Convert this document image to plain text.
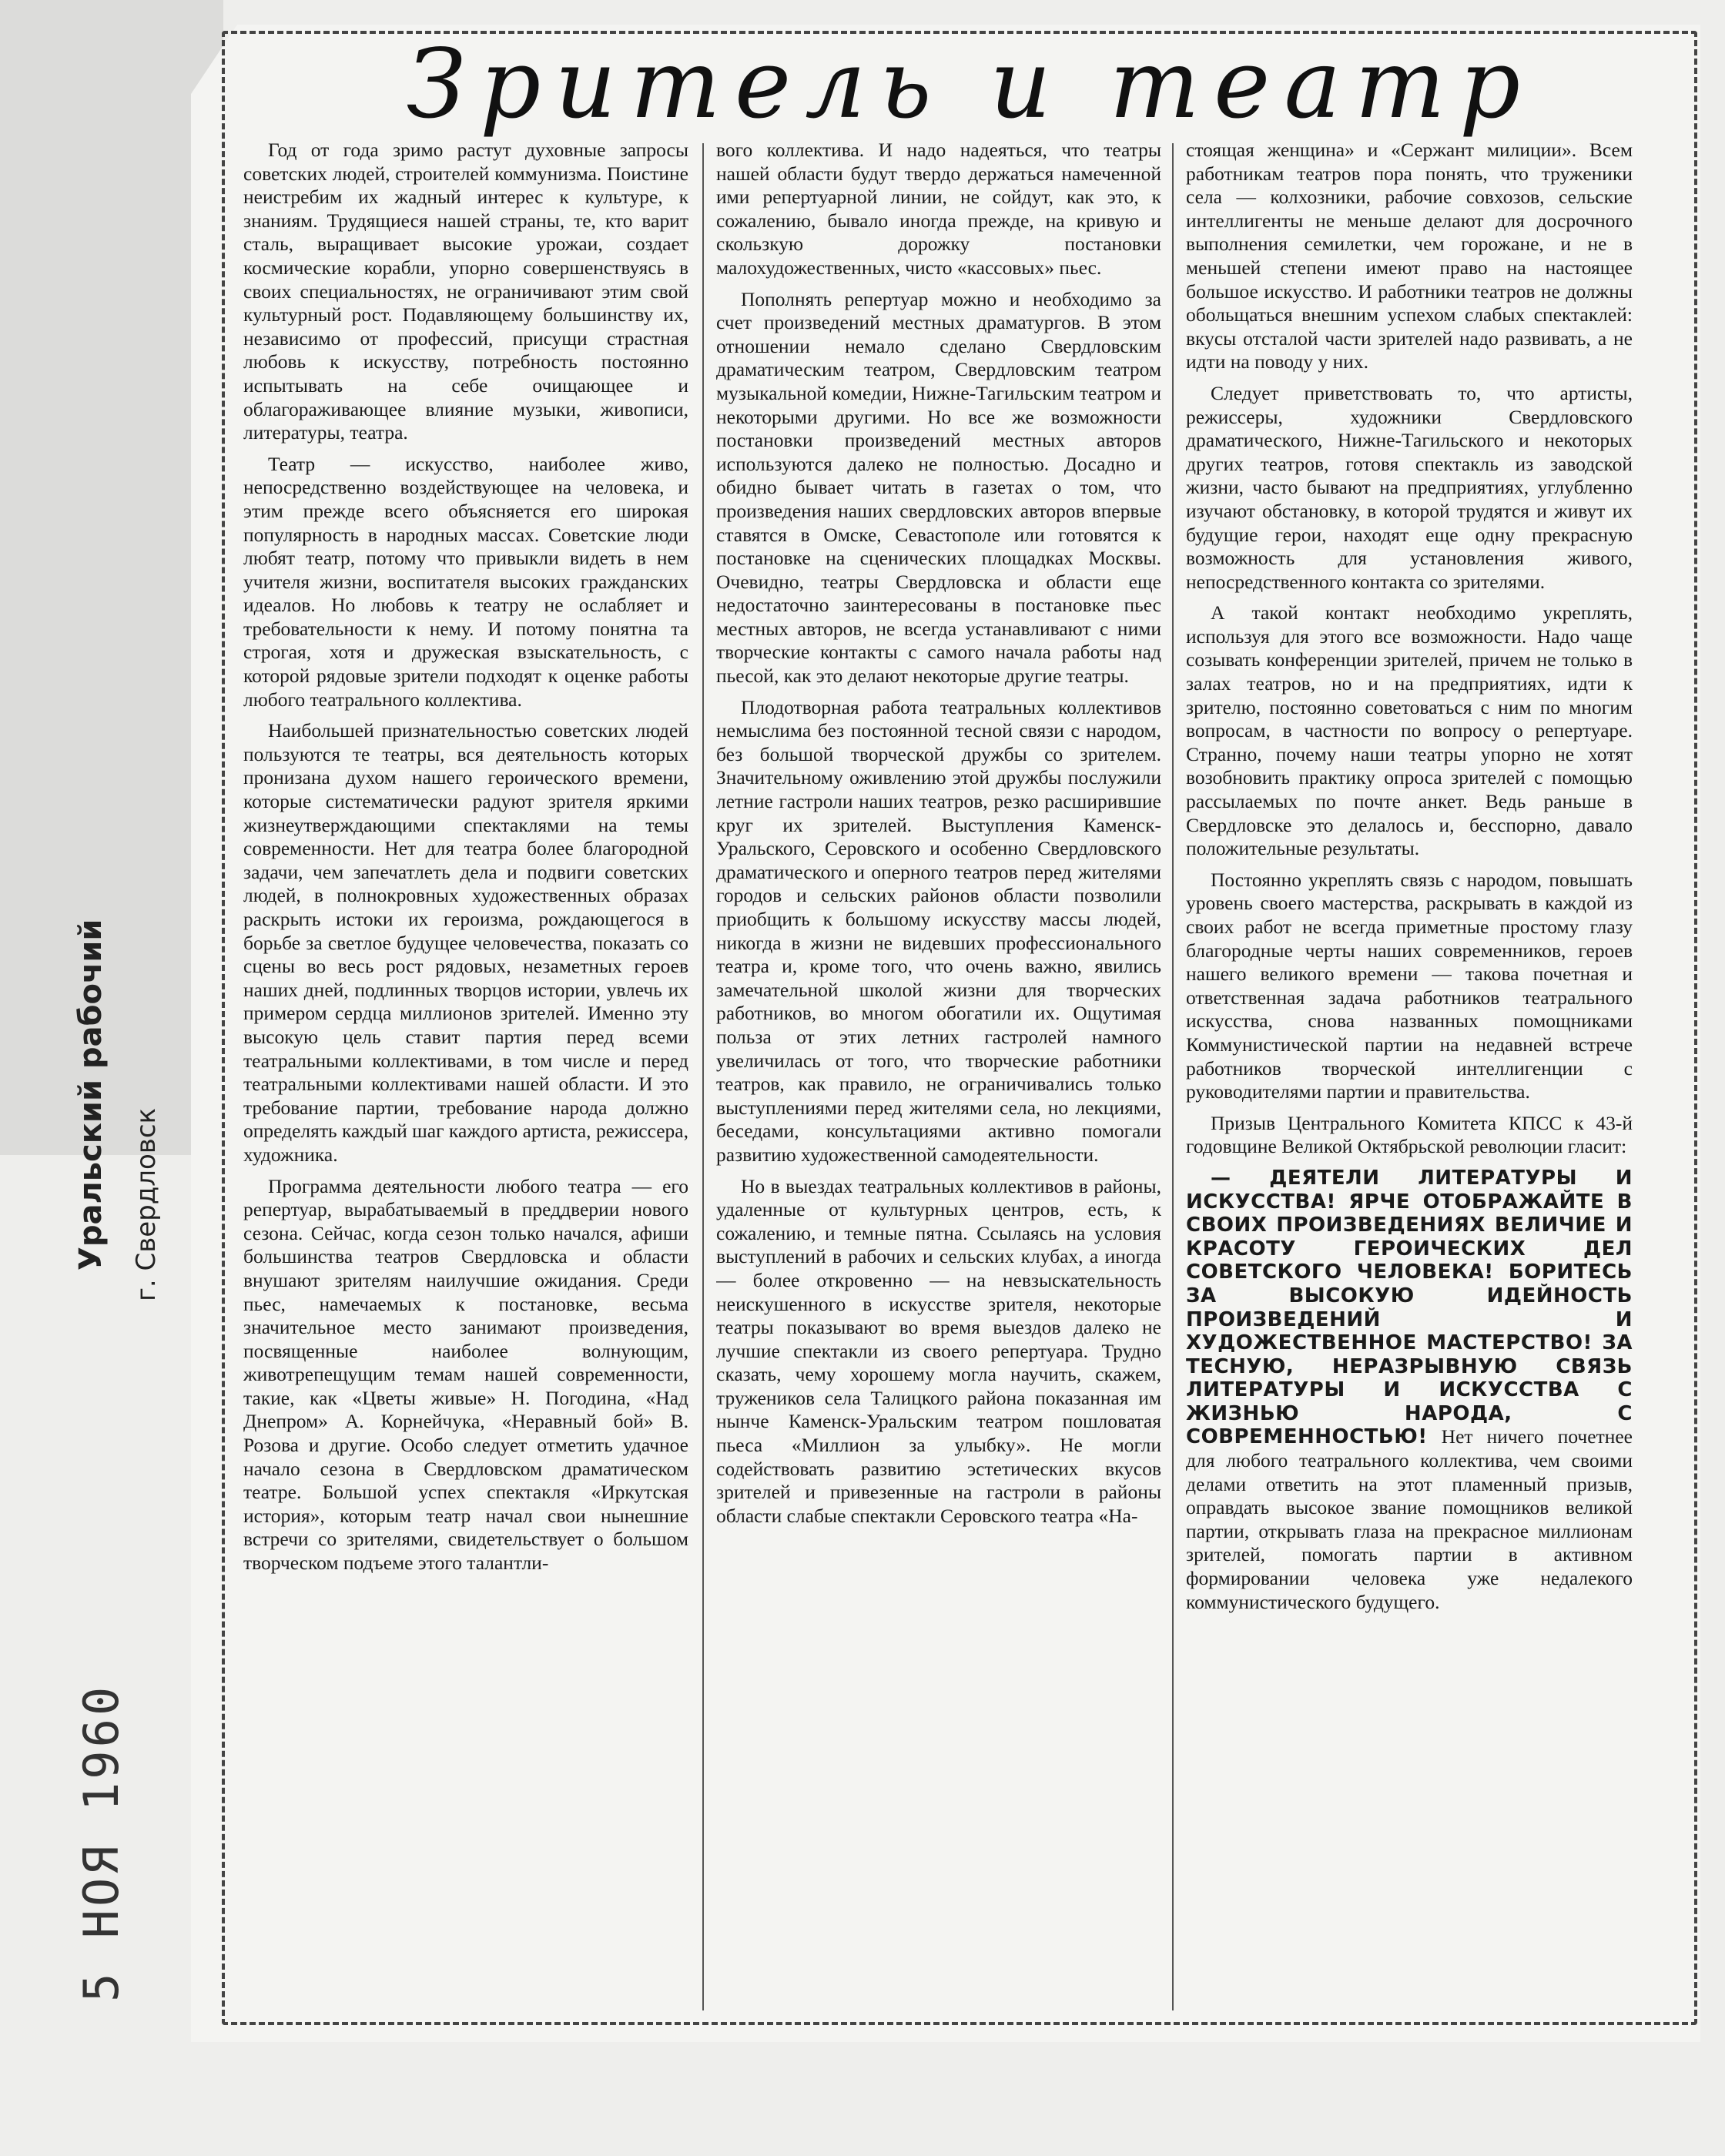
Уральский рабочий г. Свердловск
5 НОЯ 1960
Зритель и театр

Год от года зримо растут духовные запросы советских людей, строителей коммунизма. Поистине неистребим их жадный интерес к культуре, к знаниям. Трудящиеся нашей страны, те, кто варит сталь, выращивает высокие урожаи, создает космические корабли, упорно совершенствуясь в своих специальностях, не ограничивают этим свой культурный рост. Подавляющему большинству их, независимо от профессий, присущи страстная любовь к искусству, потребность постоянно испытывать на себе очищающее и облагораживающее влияние музыки, живописи, литературы, театра.

Театр — искусство, наиболее живо, непосредственно воздействующее на человека, и этим прежде всего объясняется его широкая популярность в народных массах. Советские люди любят театр, потому что привыкли видеть в нем учителя жизни, воспитателя высоких гражданских идеалов. Но любовь к театру не ослабляет и требовательности к нему. И потому понятна та строгая, хотя и дружеская взыскательность, с которой рядовые зрители подходят к оценке работы любого театрального коллектива.

Наибольшей признательностью советских людей пользуются те театры, вся деятельность которых пронизана духом нашего героического времени, которые систематически радуют зрителя яркими жизнеутверждающими спектаклями на темы современности. Нет для театра более благородной задачи, чем запечатлеть дела и подвиги советских людей, в полнокровных художественных образах раскрыть истоки их героизма, рождающегося в борьбе за светлое будущее человечества, показать со сцены во весь рост рядовых, незаметных героев наших дней, подлинных творцов истории, увлечь их примером сердца миллионов зрителей. Именно эту высокую цель ставит партия перед всеми театральными коллективами, в том числе и перед театральными коллективами нашей области. И это требование партии, требование народа должно определять каждый шаг каждого артиста, режиссера, художника.

Программа деятельности любого театра — его репертуар, вырабатываемый в преддверии нового сезона. Сейчас, когда сезон только начался, афиши большинства театров Свердловска и области внушают зрителям наилучшие ожидания. Среди пьес, намечаемых к постановке, весьма значительное место занимают произведения, посвященные наиболее волнующим, животрепещущим темам нашей современности, такие, как «Цветы живые» Н. Погодина, «Над Днепром» А. Корнейчука, «Неравный бой» В. Розова и другие. Особо следует отметить удачное начало сезона в Свердловском драматическом театре. Большой успех спектакля «Иркутская история», которым театр начал свои нынешние встречи со зрителями, свидетельствует о большом творческом подъеме этого талантли-

вого коллектива. И надо надеяться, что театры нашей области будут твердо держаться намеченной ими репертуарной линии, не сойдут, как это, к сожалению, бывало иногда прежде, на кривую и скользкую дорожку постановки малохудожественных, чисто «кассовых» пьес.

Пополнять репертуар можно и необходимо за счет произведений местных драматургов. В этом отношении немало сделано Свердловским драматическим театром, Свердловским театром музыкальной комедии, Нижне-Тагильским театром и некоторыми другими. Но все же возможности постановки произведений местных авторов используются далеко не полностью. Досадно и обидно бывает читать в газетах о том, что произведения наших свердловских авторов впервые ставятся в Омске, Севастополе или готовятся к постановке на сценических площадках Москвы. Очевидно, театры Свердловска и области еще недостаточно заинтересованы в постановке пьес местных авторов, не всегда устанавливают с ними творческие контакты с самого начала работы над пьесой, как это делают некоторые другие театры.

Плодотворная работа театральных коллективов немыслима без постоянной тесной связи с народом, без большой творческой дружбы со зрителем. Значительному оживлению этой дружбы послужили летние гастроли наших театров, резко расширившие круг их зрителей. Выступления Каменск-Уральского, Серовского и особенно Свердловского драматического и оперного театров перед жителями городов и сельских районов области позволили приобщить к большому искусству массы людей, никогда в жизни не видевших профессионального театра и, кроме того, что очень важно, явились замечательной школой жизни для творческих работников, во многом обогатили их. Ощутимая польза от этих летних гастролей намного увеличилась от того, что творческие работники театров, как правило, не ограничивались только выступлениями перед жителями села, но лекциями, беседами, консультациями активно помогали развитию художественной самодеятельности.

Но в выездах театральных коллективов в районы, удаленные от культурных центров, есть, к сожалению, и темные пятна. Ссылаясь на условия выступлений в рабочих и сельских клубах, а иногда — более откровенно — на невзыскательность неискушенного в искусстве зрителя, некоторые театры показывают во время выездов далеко не лучшие спектакли из своего репертуара. Трудно сказать, чему хорошему могла научить, скажем, тружеников села Талицкого района показанная им нынче Каменск-Уральским театром пошловатая пьеса «Миллион за улыбку». Не могли содействовать развитию эстетических вкусов зрителей и привезенные на гастроли в районы области слабые спектакли Серовского театра «На-

стоящая женщина» и «Сержант милиции». Всем работникам театров пора понять, что труженики села — колхозники, рабочие совхозов, сельские интеллигенты не меньше делают для досрочного выполнения семилетки, чем горожане, и не в меньшей степени имеют право на настоящее большое искусство. И работники театров не должны обольщаться внешним успехом слабых спектаклей: вкусы отсталой части зрителей надо развивать, а не идти на поводу у них.

Следует приветствовать то, что артисты, режиссеры, художники Свердловского драматического, Нижне-Тагильского и некоторых других театров, готовя спектакль из заводской жизни, часто бывают на предприятиях, углубленно изучают обстановку, в которой трудятся и живут их будущие герои, находят еще одну прекрасную возможность для установления живого, непосредственного контакта со зрителями.

А такой контакт необходимо укреплять, используя для этого все возможности. Надо чаще созывать конференции зрителей, причем не только в залах театров, но и на предприятиях, идти к зрителю, постоянно советоваться с ним по многим вопросам, в частности по вопросу о репертуаре. Странно, почему наши театры упорно не хотят возобновить практику опроса зрителей с помощью рассылаемых по почте анкет. Ведь раньше в Свердловске это делалось и, бесспорно, давало положительные результаты.

Постоянно укреплять связь с народом, повышать уровень своего мастерства, раскрывать в каждой из своих работ не всегда приметные простому глазу благородные черты наших современников, героев нашего великого времени — такова почетная и ответственная задача работников театрального искусства, снова названных помощниками Коммунистической партии на недавней встрече работников творческой интеллигенции с руководителями партии и правительства.

Призыв Центрального Комитета КПСС к 43-й годовщине Великой Октябрьской революции гласит:

— ДЕЯТЕЛИ ЛИТЕРАТУРЫ И ИСКУССТВА! ЯРЧЕ ОТОБРАЖАЙТЕ В СВОИХ ПРОИЗВЕДЕНИЯХ ВЕЛИЧИЕ И КРАСОТУ ГЕРОИЧЕСКИХ ДЕЛ СОВЕТСКОГО ЧЕЛОВЕКА! БОРИТЕСЬ ЗА ВЫСОКУЮ ИДЕЙНОСТЬ ПРОИЗВЕДЕНИЙ И ХУДОЖЕСТВЕННОЕ МАСТЕРСТВО! ЗА ТЕСНУЮ, НЕРАЗРЫВНУЮ СВЯЗЬ ЛИТЕРАТУРЫ И ИСКУССТВА С ЖИЗНЬЮ НАРОДА, С СОВРЕМЕННОСТЬЮ! Нет ничего почетнее для любого театрального коллектива, чем своими делами ответить на этот пламенный призыв, оправдать высокое звание помощников великой партии, открывать глаза на прекрасное миллионам зрителей, помогать партии в активном формировании человека уже недалекого коммунистического будущего.
